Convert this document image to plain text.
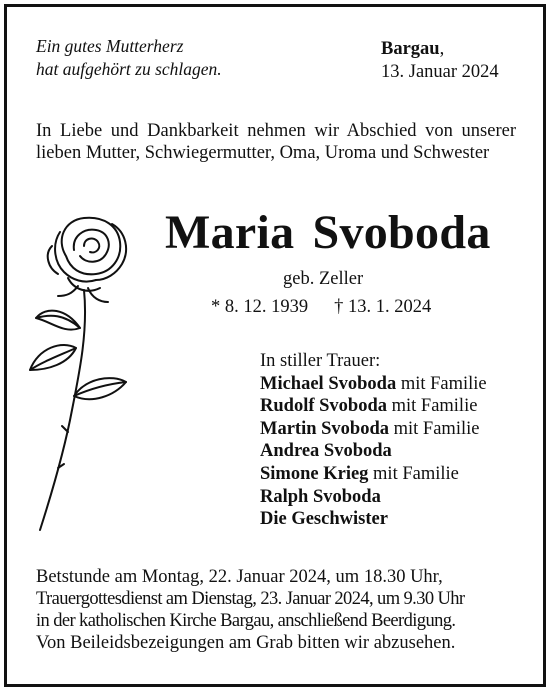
Ein gutes Mutterherz
hat aufgehört zu schlagen.
Bargau,
13. Januar 2024
In Liebe und Dankbarkeit nehmen wir Abschied von unserer lieben Mutter, Schwiegermutter, Oma, Uroma und Schwester
Maria Svoboda
geb. Zeller
* 8. 12. 1939 † 13. 1. 2024
In stiller Trauer:
Michael Svoboda mit Familie
Rudolf Svoboda mit Familie
Martin Svoboda mit Familie
Andrea Svoboda
Simone Krieg mit Familie
Ralph Svoboda
Die Geschwister
Betstunde am Montag, 22. Januar 2024, um 18.30 Uhr,
Trauergottesdienst am Dienstag, 23. Januar 2024, um 9.30 Uhr
in der katholischen Kirche Bargau, anschließend Beerdigung.
Von Beileidsbezeigungen am Grab bitten wir abzusehen.
